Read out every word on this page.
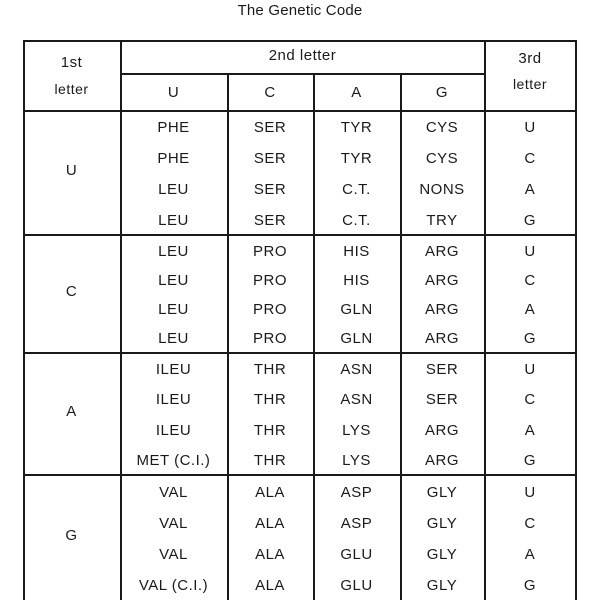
The Genetic Code
1st
letter
2nd letter	3rd
letter
U	C	A	G
U
PHE	SER	TYR	CYS	U
PHE	SER	TYR	CYS	C
LEU	SER	C.T.	NONS	A
LEU	SER	C.T.	TRY	G
C
LEU	PRO	HIS	ARG	U
LEU	PRO	HIS	ARG	C
LEU	PRO	GLN	ARG	A
LEU	PRO	GLN	ARG	G
A
ILEU	THR	ASN	SER	U
ILEU	THR	ASN	SER	C
ILEU	THR	LYS	ARG	A
MET (C.I.)	THR	LYS	ARG	G
G
VAL	ALA	ASP	GLY	U
VAL	ALA	ASP	GLY	C
VAL	ALA	GLU	GLY	A
VAL (C.I.)	ALA	GLU	GLY	G
